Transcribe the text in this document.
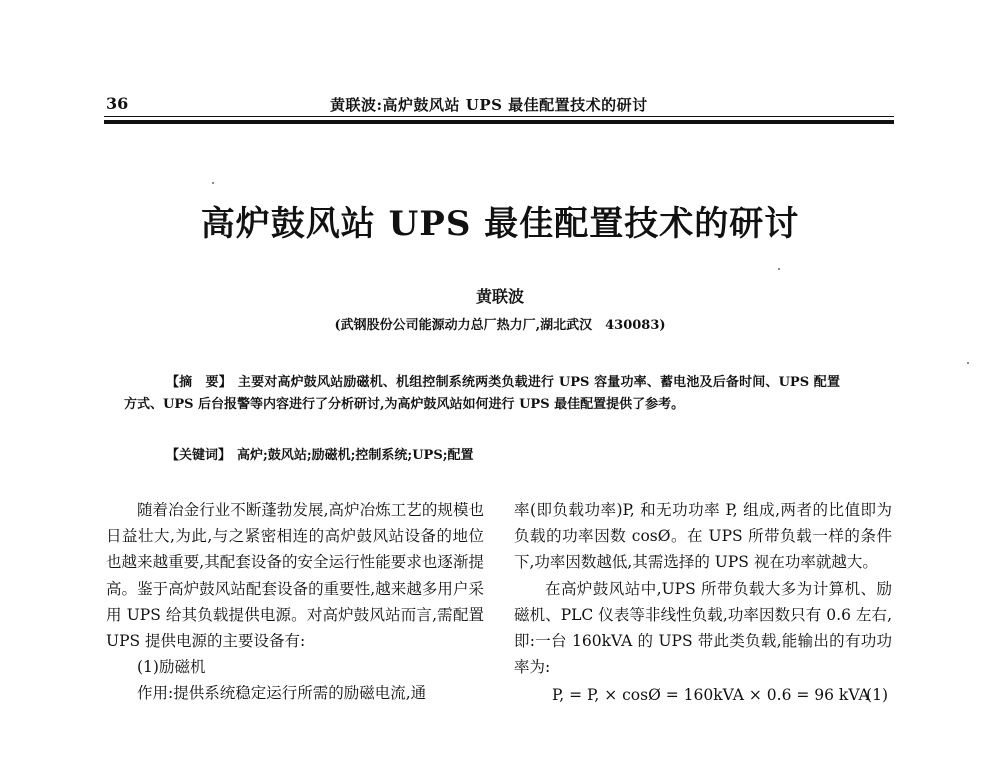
36	黄联波:高炉鼓风站 UPS 最佳配置技术的研讨
高炉鼓风站 UPS 最佳配置技术的研讨
黄联波
(武钢股份公司能源动力总厂热力厂,湖北武汉　430083)
【摘　要】 主要对高炉鼓风站励磁机、机组控制系统两类负载进行 UPS 容量功率、蓄电池及后备时间、UPS 配置方式、UPS 后台报警等内容进行了分析研讨,为高炉鼓风站如何进行 UPS 最佳配置提供了参考。
【关键词】 高炉;鼓风站;励磁机;控制系统;UPS;配置

随着冶金行业不断蓬勃发展,高炉冶炼工艺的规模也日益壮大,为此,与之紧密相连的高炉鼓风站设备的地位也越来越重要,其配套设备的安全运行性能要求也逐渐提高。鉴于高炉鼓风站配套设备的重要性,越来越多用户采用 UPS 给其负载提供电源。对高炉鼓风站而言,需配置 UPS 提供电源的主要设备有:

(1)励磁机

作用:提供系统稳定运行所需的励磁电流,通

率(即负载功率)P, 和无功功率 P, 组成,两者的比值即为负载的功率因数 cosØ。在 UPS 所带负载一样的条件下,功率因数越低,其需选择的 UPS 视在功率就越大。

在高炉鼓风站中,UPS 所带负载大多为计算机、励磁机、PLC 仪表等非线性负载,功率因数只有 0.6 左右,即:一台 160kVA 的 UPS 带此类负载,能输出的有功功率为:

P, = P, × cosØ = 160kVA × 0.6 = 96 kVA
(1)
